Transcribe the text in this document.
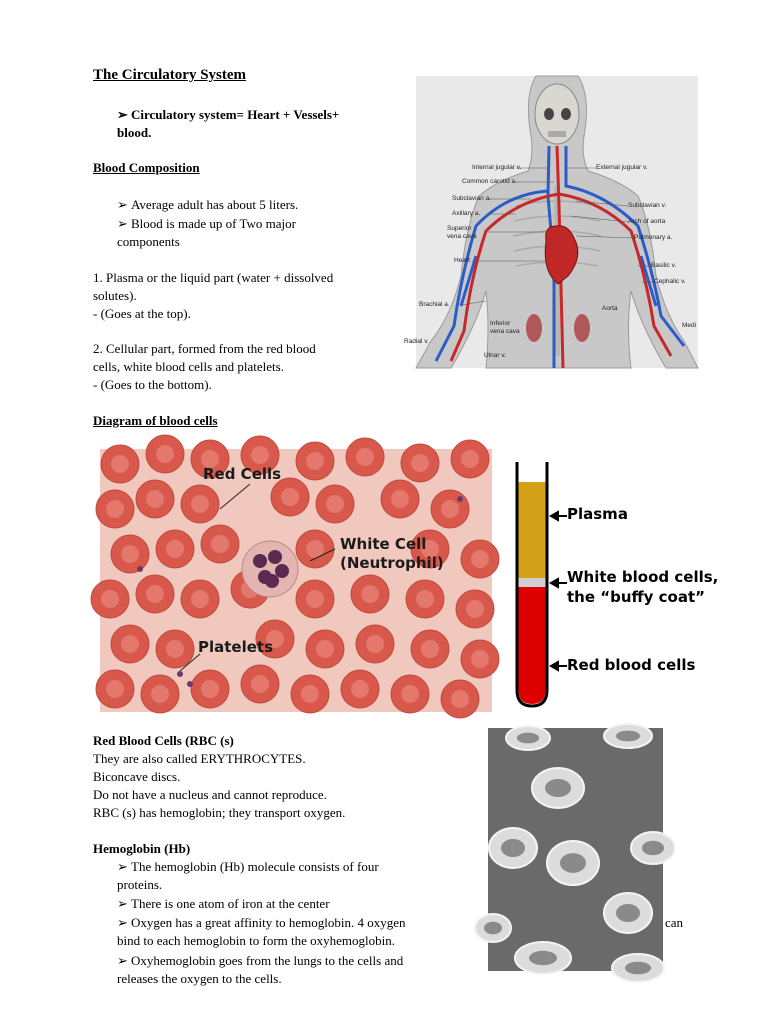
The Circulatory System
➢ Circulatory system= Heart + Vessels+
blood.
Blood Composition
➢ Average adult has about 5 liters.
➢ Blood is made up of Two major
components
1. Plasma or the liquid part (water + dissolved
solutes).
- (Goes at the top).
2. Cellular part, formed from the red blood
cells, white blood cells and platelets.
- (Goes to the bottom).
Diagram of blood cells
Internal jugular v.
Common carotid a.
Subclavian a.
Axillary a.
Superior
vena cava
Heart
Brachial a.
Radial v.
Inferior
vena cava
Ulnar v.
External jugular v.
Subclavian v.
Arch of aorta
Pulmonary a.
Basilic v.
Cephalic v.
Aorta
Medi
Red Cells
White Cell
(Neutrophil)
Platelets
Plasma
White blood cells,
the “buffy coat”
Red blood cells
Red Blood Cells (RBC (s)
They are also called ERYTHROCYTES.
Biconcave discs.
Do not have a nucleus and cannot reproduce.
RBC (s) has hemoglobin; they transport oxygen.
Hemoglobin (Hb)
➢ The hemoglobin (Hb) molecule consists of four
proteins.
➢ There is one atom of iron at the center
➢ Oxygen has a great affinity to hemoglobin. 4 oxygen	can
bind to each hemoglobin to form the oxyhemoglobin.
➢ Oxyhemoglobin goes from the lungs to the cells and
releases the oxygen to the cells.
